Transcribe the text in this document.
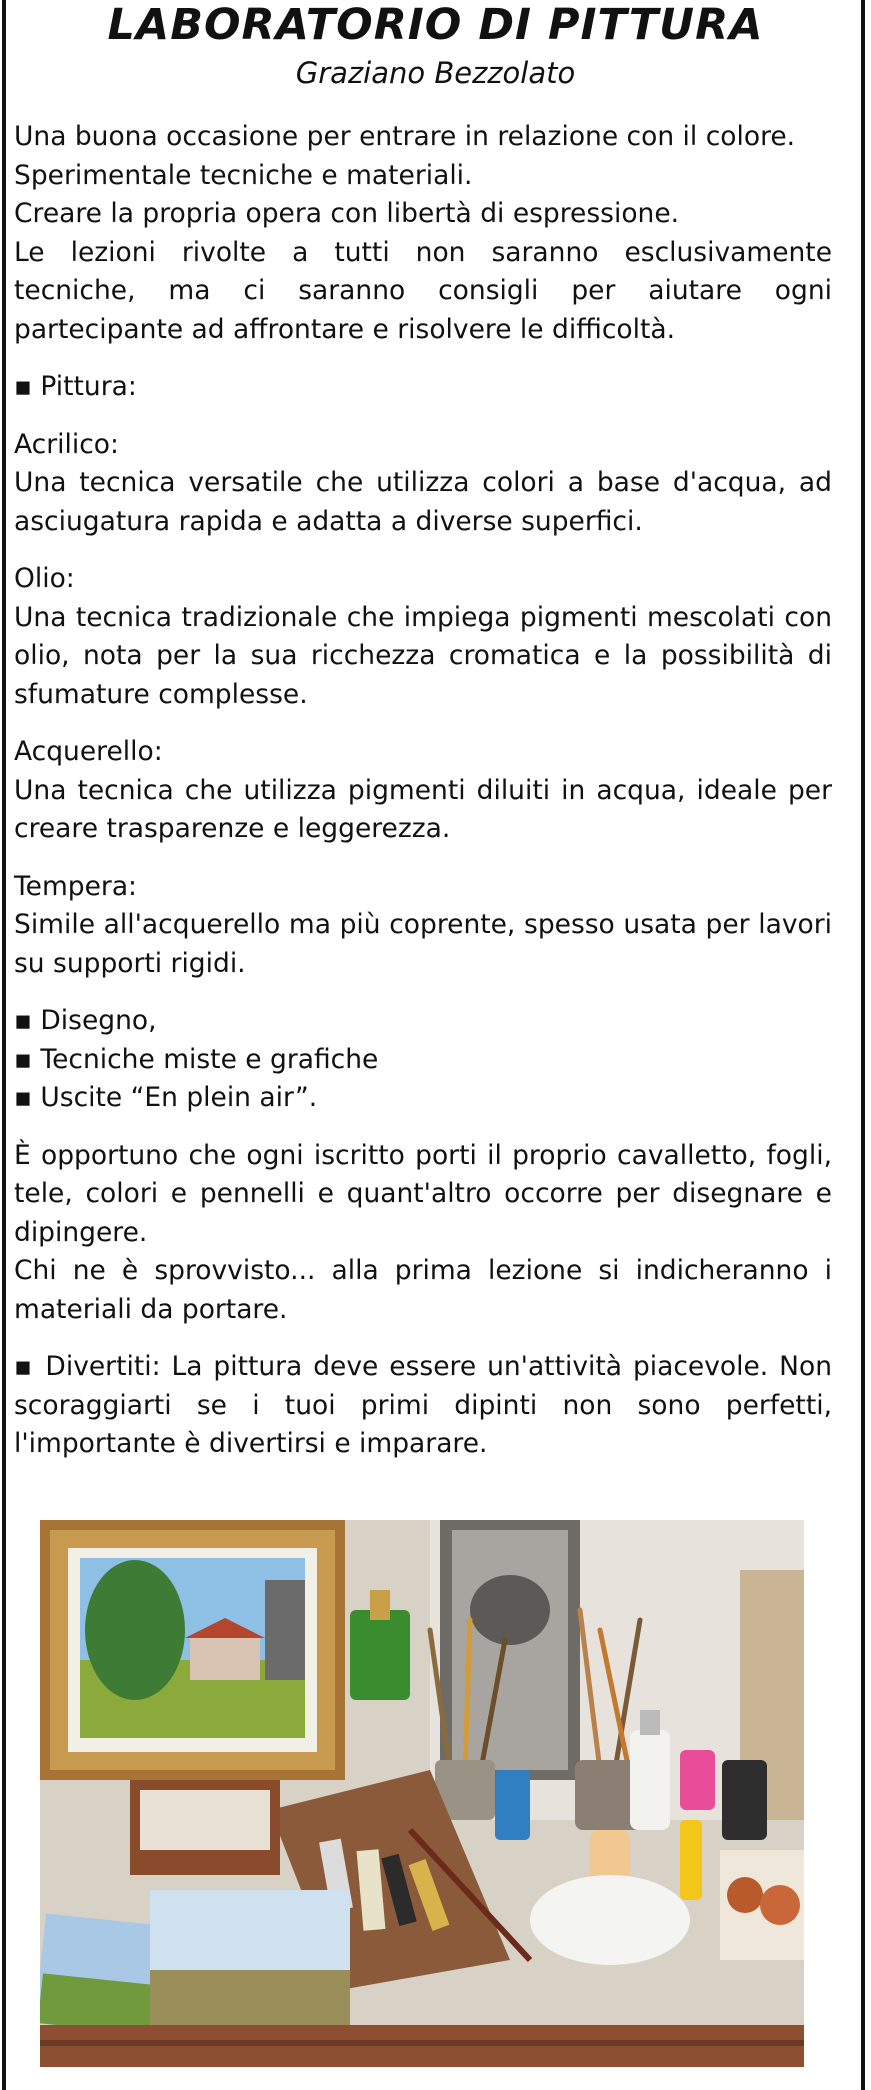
LABORATORIO DI PITTURA
Graziano Bezzolato

Una buona occasione per entrare in relazione con il colore.

Sperimentale tecniche e materiali.

Creare la propria opera con libertà di espressione.

Le lezioni rivolte a tutti non saranno esclusivamente tecniche, ma ci saranno consigli per aiutare ogni partecipante ad affrontare e risolvere le difficoltà.

▪ Pittura:

Acrilico:

Una tecnica versatile che utilizza colori a base d'acqua, ad asciugatura rapida e adatta a diverse superfici.

Olio:

Una tecnica tradizionale che impiega pigmenti mescolati con olio, nota per la sua ricchezza cromatica e la possibilità di sfumature complesse.

Acquerello:

Una tecnica che utilizza pigmenti diluiti in acqua, ideale per creare trasparenze e leggerezza.

Tempera:

Simile all'acquerello ma più coprente, spesso usata per lavori su supporti rigidi.

▪ Disegno,

▪ Tecniche miste e grafiche

▪ Uscite “En plein air”.

È opportuno che ogni iscritto porti il proprio cavalletto, fogli, tele, colori e pennelli e quant'altro occorre per disegnare e dipingere.

Chi ne è sprovvisto... alla prima lezione si indicheranno i materiali da portare.

▪ Divertiti: La pittura deve essere un'attività piacevole. Non scoraggiarti se i tuoi primi dipinti non sono perfetti, l'importante è divertirsi e imparare.
